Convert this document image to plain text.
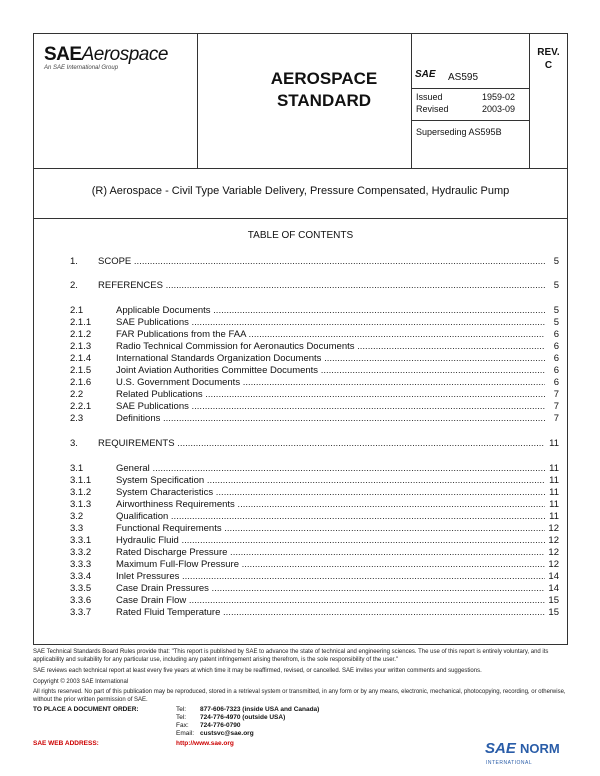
SAEAerospace
An SAE International Group
AEROSPACE
STANDARD
SAE AS595
Issued	1959-02
Revised	2003-09
Superseding AS595B
REV.
C
(R) Aerospace - Civil Type Variable Delivery, Pressure Compensated, Hydraulic Pump
TABLE OF CONTENTS
1. SCOPE .....	5
2. REFERENCES .....	5
2.1	Applicable Documents .....	5
2.1.1	SAE Publications .....	5
2.1.2	FAR Publications from the FAA .....	6
2.1.3	Radio Technical Commission for Aeronautics Documents .....	6
2.1.4	International Standards Organization Documents .....	6
2.1.5	Joint Aviation Authorities Committee Documents .....	6
2.1.6	U.S. Government Documents .....	6
2.2	Related Publications .....	7
2.2.1	SAE Publications .....	7
2.3	Definitions .....	7
3. REQUIREMENTS .....	11
3.1	General .....	11
3.1.1	System Specification .....	11
3.1.2	System Characteristics .....	11
3.1.3	Airworthiness Requirements .....	11
3.2	Qualification .....	11
3.3	Functional Requirements .....	12
3.3.1	Hydraulic Fluid .....	12
3.3.2	Rated Discharge Pressure .....	12
3.3.3	Maximum Full-Flow Pressure .....	12
3.3.4	Inlet Pressures .....	14
3.3.5	Case Drain Pressures .....	14
3.3.6	Case Drain Flow .....	15
3.3.7	Rated Fluid Temperature .....	15
SAE Technical Standards Board Rules provide that: "This report is published by SAE to advance the state of technical and engineering sciences. The use of this report is entirely voluntary, and its applicability and suitability for any particular use, including any patent infringement arising therefrom, is the sole responsibility of the user."
SAE reviews each technical report at least every five years at which time it may be reaffirmed, revised, or cancelled. SAE invites your written comments and suggestions.
Copyright © 2003 SAE International
All rights reserved. No part of this publication may be reproduced, stored in a retrieval system or transmitted, in any form or by any means, electronic, mechanical, photocopying, recording, or otherwise, without the prior written permission of SAE.
TO PLACE A DOCUMENT ORDER:	Tel: 877-606-7323 (inside USA and Canada)
Tel: 724-776-4970 (outside USA)
Fax: 724-776-0790
Email: custsvc@sae.org
SAE WEB ADDRESS:	http://www.sae.org	SAE NORM
INTERNATIONAL
